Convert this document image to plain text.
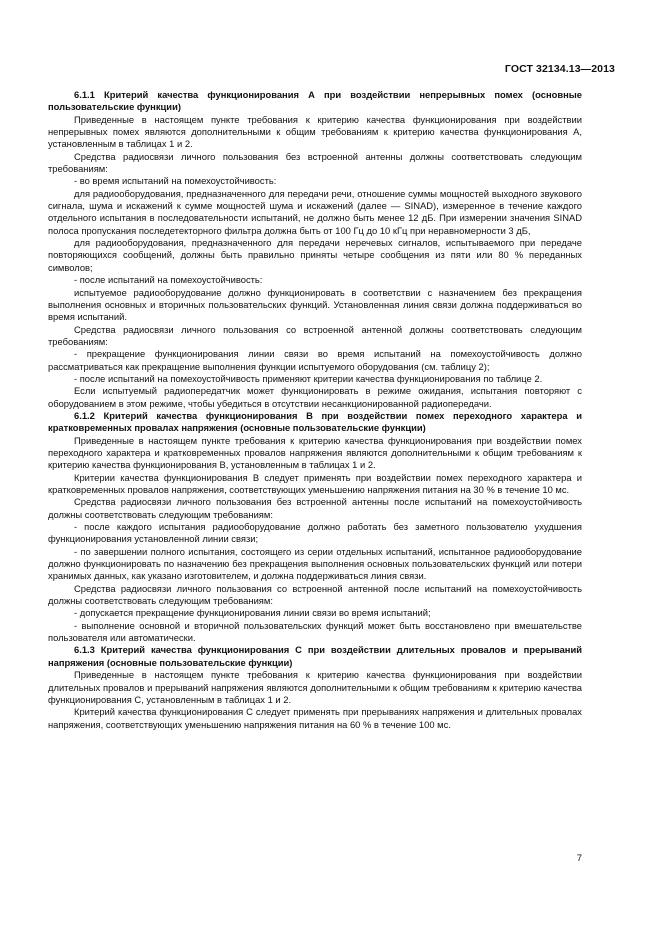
ГОСТ 32134.13—2013

6.1.1 Критерий качества функционирования А при воздействии непрерывных помех (основные пользовательские функции)

Приведенные в настоящем пункте требования к критерию качества функционирования при воздействии непрерывных помех являются дополнительными к общим требованиям к критерию качества функционирования А, установленным в таблицах 1 и 2.

Средства радиосвязи личного пользования без встроенной антенны должны соответствовать следующим требованиям:

- во время испытаний на помехоустойчивость:

для радиооборудования, предназначенного для передачи речи, отношение суммы мощностей выходного звукового сигнала, шума и искажений к сумме мощностей шума и искажений (далее — SINAD), измеренное в течение каждого отдельного испытания в последовательности испытаний, не должно быть менее 12 дБ. При измерении значения SINAD полоса пропускания последетекторного фильтра должна быть от 100 Гц до 10 кГц при неравномерности 3 дБ,

для радиооборудования, предназначенного для передачи неречевых сигналов, испытываемого при передаче повторяющихся сообщений, должны быть правильно приняты четыре сообщения из пяти или 80 % переданных символов;

- после испытаний на помехоустойчивость:

испытуемое радиооборудование должно функционировать в соответствии с назначением без прекращения выполнения основных и вторичных пользовательских функций. Установленная линия связи должна поддерживаться во время испытаний.

Средства радиосвязи личного пользования со встроенной антенной должны соответствовать следующим требованиям:

- прекращение функционирования линии связи во время испытаний на помехоустойчивость должно рассматриваться как прекращение выполнения функции испытуемого оборудования (см. таблицу 2);

- после испытаний на помехоустойчивость применяют критерии качества функционирования по таблице 2.

Если испытуемый радиопередатчик может функционировать в режиме ожидания, испытания повторяют с оборудованием в этом режиме, чтобы убедиться в отсутствии несанкционированной радиопередачи.

6.1.2 Критерий качества функционирования В при воздействии помех переходного характера и кратковременных провалах напряжения (основные пользовательские функции)

Приведенные в настоящем пункте требования к критерию качества функционирования при воздействии помех переходного характера и кратковременных провалов напряжения являются дополнительными к общим требованиям к критерию качества функционирования В, установленным в таблицах 1 и 2.

Критерии качества функционирования В следует применять при воздействии помех переходного характера и кратковременных провалов напряжения, соответствующих уменьшению напряжения питания на 30 % в течение 10 мс.

Средства радиосвязи личного пользования без встроенной антенны после испытаний на помехоустойчивость должны соответствовать следующим требованиям:

- после каждого испытания радиооборудование должно работать без заметного пользователю ухудшения функционирования установленной линии связи;

- по завершении полного испытания, состоящего из серии отдельных испытаний, испытанное радиооборудование должно функционировать по назначению без прекращения выполнения основных пользовательских функций или потери хранимых данных, как указано изготовителем, и должна поддерживаться линия связи.

Средства радиосвязи личного пользования со встроенной антенной после испытаний на помехоустойчивость должны соответствовать следующим требованиям:

- допускается прекращение функционирования линии связи во время испытаний;

- выполнение основной и вторичной пользовательских функций может быть восстановлено при вмешательстве пользователя или автоматически.

6.1.3 Критерий качества функционирования С при воздействии длительных провалов и прерываний напряжения (основные пользовательские функции)

Приведенные в настоящем пункте требования к критерию качества функционирования при воздействии длительных провалов и прерываний напряжения являются дополнительными к общим требованиям к критерию качества функционирования С, установленным в таблицах 1 и 2.

Критерий качества функционирования С следует применять при прерываниях напряжения и длительных провалах напряжения, соответствующих уменьшению напряжения питания на 60 % в течение 100 мс.

7
